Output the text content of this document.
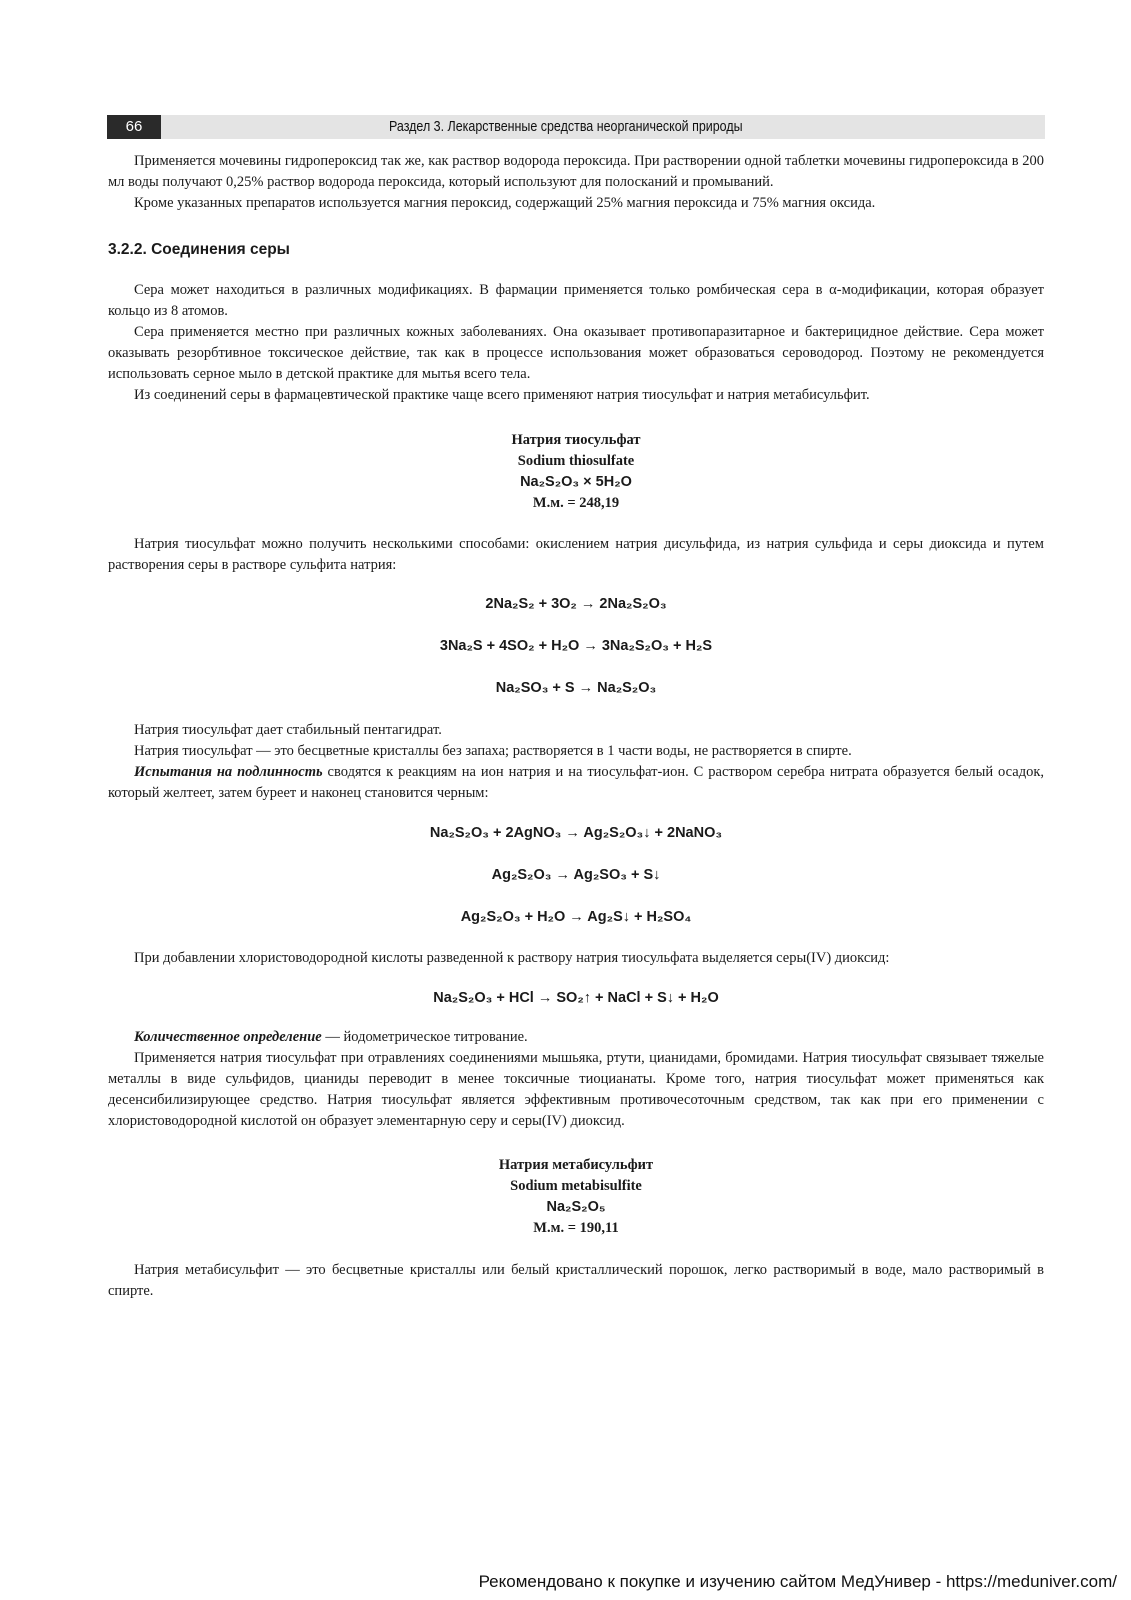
66	Раздел 3. Лекарственные средства неорганической природы

Применяется мочевины гидропероксид так же, как раствор водорода пероксида. При растворении одной таблетки мочевины гидропероксида в 200 мл воды получают 0,25% раствор водорода пероксида, который используют для полосканий и промываний.

Кроме указанных препаратов используется магния пероксид, содержащий 25% магния пероксида и 75% магния оксида.

3.2.2. Соединения серы

Сера может находиться в различных модификациях. В фармации применяется только ромбическая сера в α-модификации, которая образует кольцо из 8 атомов.

Сера применяется местно при различных кожных заболеваниях. Она оказывает противопаразитарное и бактерицидное действие. Сера может оказывать резорбтивное токсическое действие, так как в процессе использования может образоваться сероводород. Поэтому не рекомендуется использовать серное мыло в детской практике для мытья всего тела.

Из соединений серы в фармацевтической практике чаще всего применяют натрия тиосульфат и натрия метабисульфит.

Натрия тиосульфат
Sodium thiosulfate
Na₂S₂O₃ × 5H₂O
М.м. = 248,19

Натрия тиосульфат можно получить несколькими способами: окислением натрия дисульфида, из натрия сульфида и серы диоксида и путем растворения серы в растворе сульфита натрия:

2Na₂S₂ + 3O₂ → 2Na₂S₂O₃
3Na₂S + 4SO₂ + H₂O → 3Na₂S₂O₃ + H₂S
Na₂SO₃ + S → Na₂S₂O₃

Натрия тиосульфат дает стабильный пентагидрат.

Натрия тиосульфат — это бесцветные кристаллы без запаха; растворяется в 1 части воды, не растворяется в спирте.

Испытания на подлинность сводятся к реакциям на ион натрия и на тиосульфат-ион. С раствором серебра нитрата образуется белый осадок, который желтеет, затем буреет и наконец становится черным:

Na₂S₂O₃ + 2AgNO₃ → Ag₂S₂O₃↓ + 2NaNO₃
Ag₂S₂O₃ → Ag₂SO₃ + S↓
Ag₂S₂O₃ + H₂O → Ag₂S↓ + H₂SO₄

При добавлении хлористоводородной кислоты разведенной к раствору натрия тиосульфата выделяется серы(IV) диоксид:

Na₂S₂O₃ + HCl → SO₂↑ + NaCl + S↓ + H₂O

Количественное определение — йодометрическое титрование.

Применяется натрия тиосульфат при отравлениях соединениями мышьяка, ртути, цианидами, бромидами. Натрия тиосульфат связывает тяжелые металлы в виде сульфидов, цианиды переводит в менее токсичные тиоцианаты. Кроме того, натрия тиосульфат может применяться как десенсибилизирующее средство. Натрия тиосульфат является эффективным противочесоточным средством, так как при его применении с хлористоводородной кислотой он образует элементарную серу и серы(IV) диоксид.

Натрия метабисульфит
Sodium metabisulfite
Na₂S₂O₅
М.м. = 190,11

Натрия метабисульфит — это бесцветные кристаллы или белый кристаллический порошок, легко растворимый в воде, мало растворимый в спирте.

Рекомендовано к покупке и изучению сайтом МедУнивер - https://meduniver.com/
